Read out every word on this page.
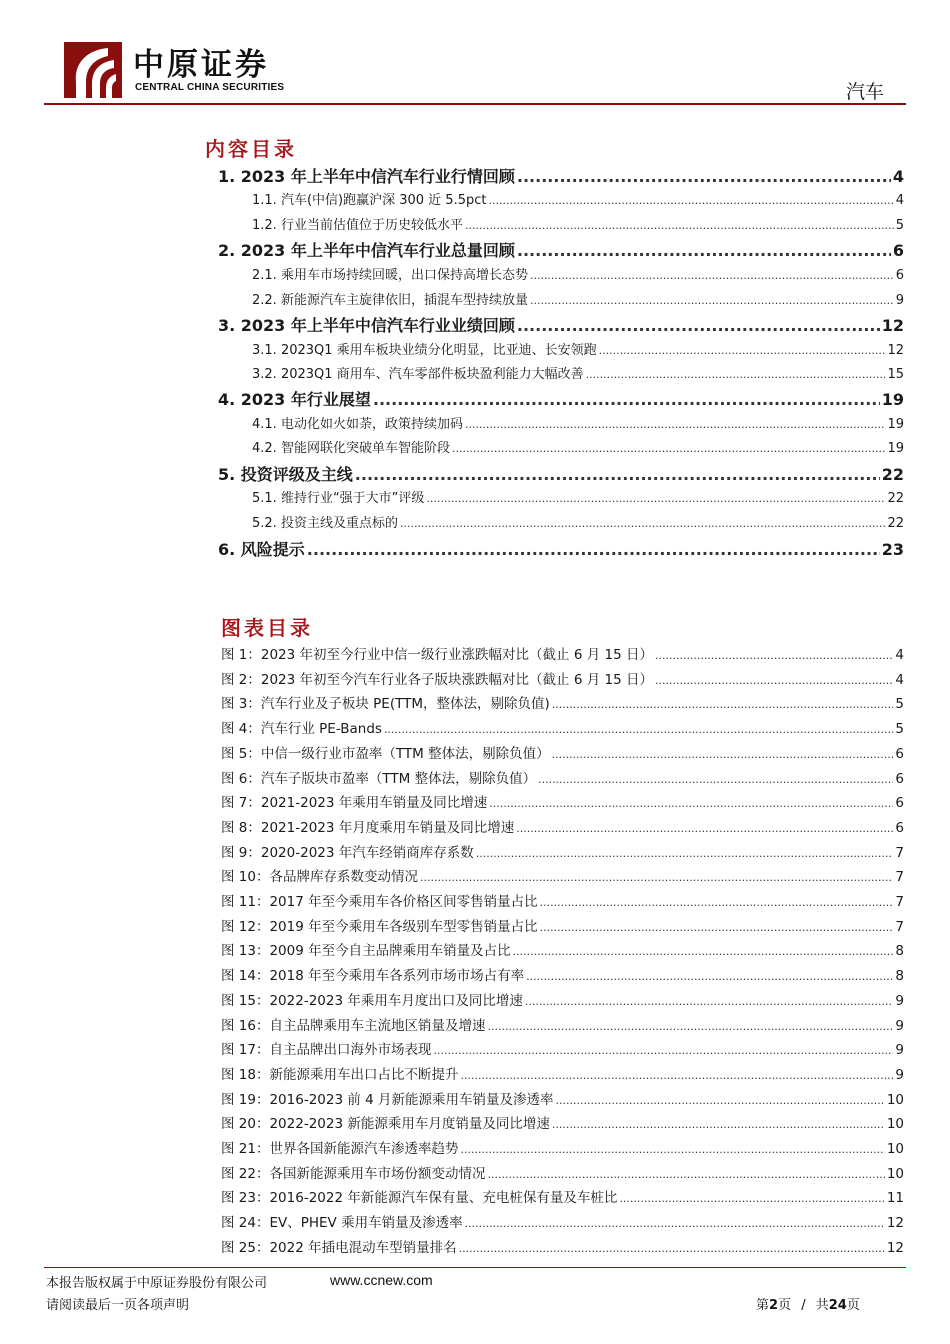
中原证券
CENTRAL CHINA SECURITIES	汽车
内容目录
1. 2023 年上半年中信汽车行业行情回顾 .....	4
1.1. 汽车(中信)跑赢沪深 300 近 5.5pct .....	4
1.2. 行业当前估值位于历史较低水平 .....	5
2. 2023 年上半年中信汽车行业总量回顾 .....	6
2.1. 乘用车市场持续回暖，出口保持高增长态势 .....	6
2.2. 新能源汽车主旋律依旧，插混车型持续放量 .....	9
3. 2023 年上半年中信汽车行业业绩回顾 .....	12
3.1. 2023Q1 乘用车板块业绩分化明显，比亚迪、长安领跑 .....	12
3.2. 2023Q1 商用车、汽车零部件板块盈利能力大幅改善 .....	15
4. 2023 年行业展望 .....	19
4.1. 电动化如火如荼，政策持续加码 .....	19
4.2. 智能网联化突破单车智能阶段 .....	19
5. 投资评级及主线 .....	22
5.1. 维持行业“强于大市”评级 .....	22
5.2. 投资主线及重点标的 .....	22
6. 风险提示 .....	23
图表目录
图 1：2023 年初至今行业中信一级行业涨跌幅对比（截止 6 月 15 日） .....	4
图 2：2023 年初至今汽车行业各子版块涨跌幅对比（截止 6 月 15 日） .....	4
图 3：汽车行业及子板块 PE(TTM，整体法，剔除负值) .....	5
图 4：汽车行业 PE-Bands .....	5
图 5：中信一级行业市盈率（TTM 整体法，剔除负值） .....	6
图 6：汽车子版块市盈率（TTM 整体法，剔除负值） .....	6
图 7：2021-2023 年乘用车销量及同比增速 .....	6
图 8：2021-2023 年月度乘用车销量及同比增速 .....	6
图 9：2020-2023 年汽车经销商库存系数 .....	7
图 10：各品牌库存系数变动情况 .....	7
图 11：2017 年至今乘用车各价格区间零售销量占比 .....	7
图 12：2019 年至今乘用车各级别车型零售销量占比 .....	7
图 13：2009 年至今自主品牌乘用车销量及占比 .....	8
图 14：2018 年至今乘用车各系列市场市场占有率 .....	8
图 15：2022-2023 年乘用车月度出口及同比增速 .....	9
图 16：自主品牌乘用车主流地区销量及增速 .....	9
图 17：自主品牌出口海外市场表现 .....	9
图 18：新能源乘用车出口占比不断提升 .....	9
图 19：2016-2023 前 4 月新能源乘用车销量及渗透率 .....	10
图 20：2022-2023 新能源乘用车月度销量及同比增速 .....	10
图 21：世界各国新能源汽车渗透率趋势 .....	10
图 22：各国新能源乘用车市场份额变动情况 .....	10
图 23：2016-2022 年新能源汽车保有量、充电桩保有量及车桩比 .....	11
图 24：EV、PHEV 乘用车销量及渗透率 .....	12
图 25：2022 年插电混动车型销量排名 .....	12
本报告版权属于中原证券股份有限公司	www.ccnew.com
请阅读最后一页各项声明	第2页 / 共24页
